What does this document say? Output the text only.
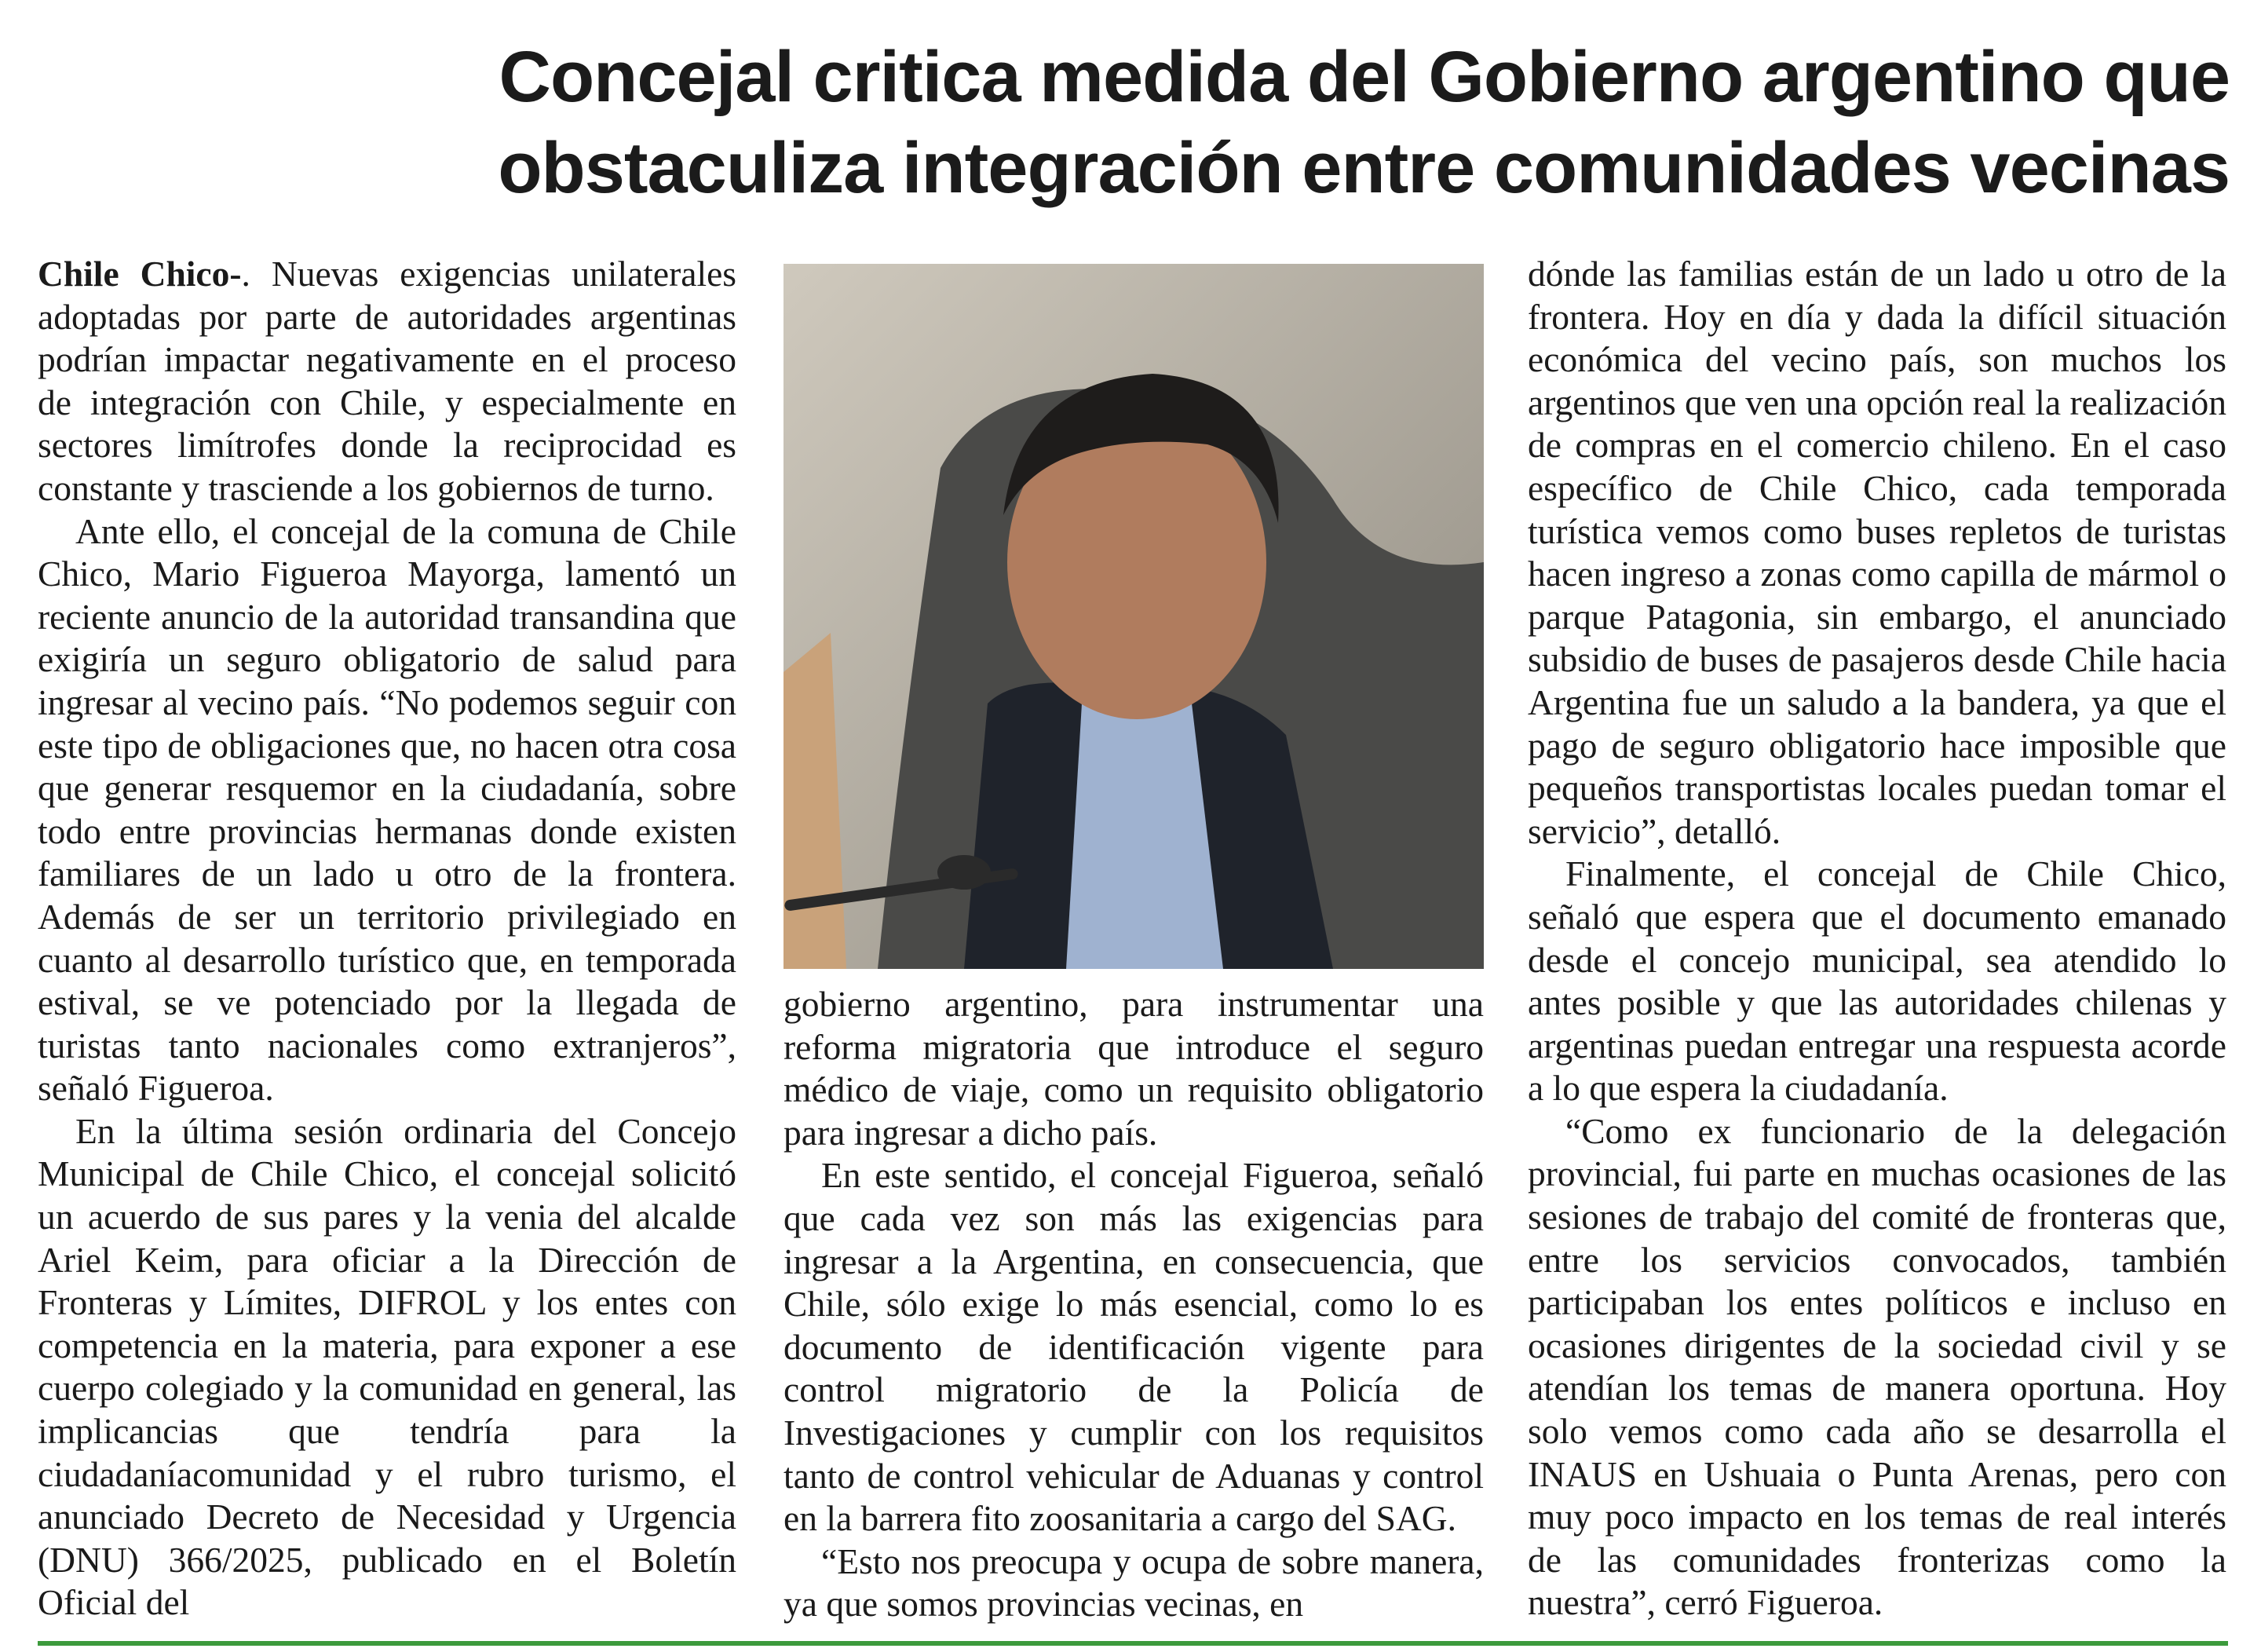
Concejal critica medida del Gobierno argentino que obstaculiza integración entre comunidades vecinas

Chile Chico-. Nuevas exigencias unilaterales adoptadas por parte de autoridades argentinas podrían impactar negativamente en el proceso de integración con Chile, y especialmente en sectores limítrofes donde la reciprocidad es constante y trasciende a los gobiernos de turno.

Ante ello, el concejal de la comuna de Chile Chico, Mario Figueroa Mayorga, lamentó un reciente anuncio de la autoridad transandina que exigiría un seguro obligatorio de salud para ingresar al vecino país. “No podemos seguir con este tipo de obligaciones que, no hacen otra cosa que generar resquemor en la ciudadanía, sobre todo entre provincias hermanas donde existen familiares de un lado u otro de la frontera. Además de ser un territorio privilegiado en cuanto al desarrollo turístico que, en temporada estival, se ve potenciado por la llegada de turistas tanto nacionales como extranjeros”, señaló Figueroa.

En la última sesión ordinaria del Concejo Municipal de Chile Chico, el concejal solicitó un acuerdo de sus pares y la venia del alcalde Ariel Keim, para oficiar a la Dirección de Fronteras y Límites, DIFROL y los entes con competencia en la materia, para exponer a ese cuerpo colegiado y la comunidad en general, las implicancias que tendría para la ciudadaníacomunidad y el rubro turismo, el anunciado Decreto de Necesidad y Urgencia (DNU) 366/2025, publicado en el Boletín Oficial del

gobierno argentino, para instrumentar una reforma migratoria que introduce el seguro médico de viaje, como un requisito obligatorio para ingresar a dicho país.

En este sentido, el concejal Figueroa, señaló que cada vez son más las exigencias para ingresar a la Argentina, en consecuencia, que Chile, sólo exige lo más esencial, como lo es documento de identificación vigente para control migratorio de la Policía de Investigaciones y cumplir con los requisitos tanto de control vehicular de Aduanas y control en la barrera fito zoosanitaria a cargo del SAG.

“Esto nos preocupa y ocupa de sobre manera, ya que somos provincias vecinas, en

dónde las familias están de un lado u otro de la frontera. Hoy en día y dada la difícil situación económica del vecino país, son muchos los argentinos que ven una opción real la realización de compras en el comercio chileno. En el caso específico de Chile Chico, cada temporada turística vemos como buses repletos de turistas hacen ingreso a zonas como capilla de mármol o parque Patagonia, sin embargo, el anunciado subsidio de buses de pasajeros desde Chile hacia Argentina fue un saludo a la bandera, ya que el pago de seguro obligatorio hace imposible que pequeños transportistas locales puedan tomar el servicio”, detalló.

Finalmente, el concejal de Chile Chico, señaló que espera que el documento emanado desde el concejo municipal, sea atendido lo antes posible y que las autoridades chilenas y argentinas puedan entregar una respuesta acorde a lo que espera la ciudadanía.

“Como ex funcionario de la delegación provincial, fui parte en muchas ocasiones de las sesiones de trabajo del comité de fronteras que, entre los servicios convocados, también participaban los entes políticos e incluso en ocasiones dirigentes de la sociedad civil y se atendían los temas de manera oportuna. Hoy solo vemos como cada año se desarrolla el INAUS en Ushuaia o Punta Arenas, pero con muy poco impacto en los temas de real interés de las comunidades fronterizas como la nuestra”, cerró Figueroa.
